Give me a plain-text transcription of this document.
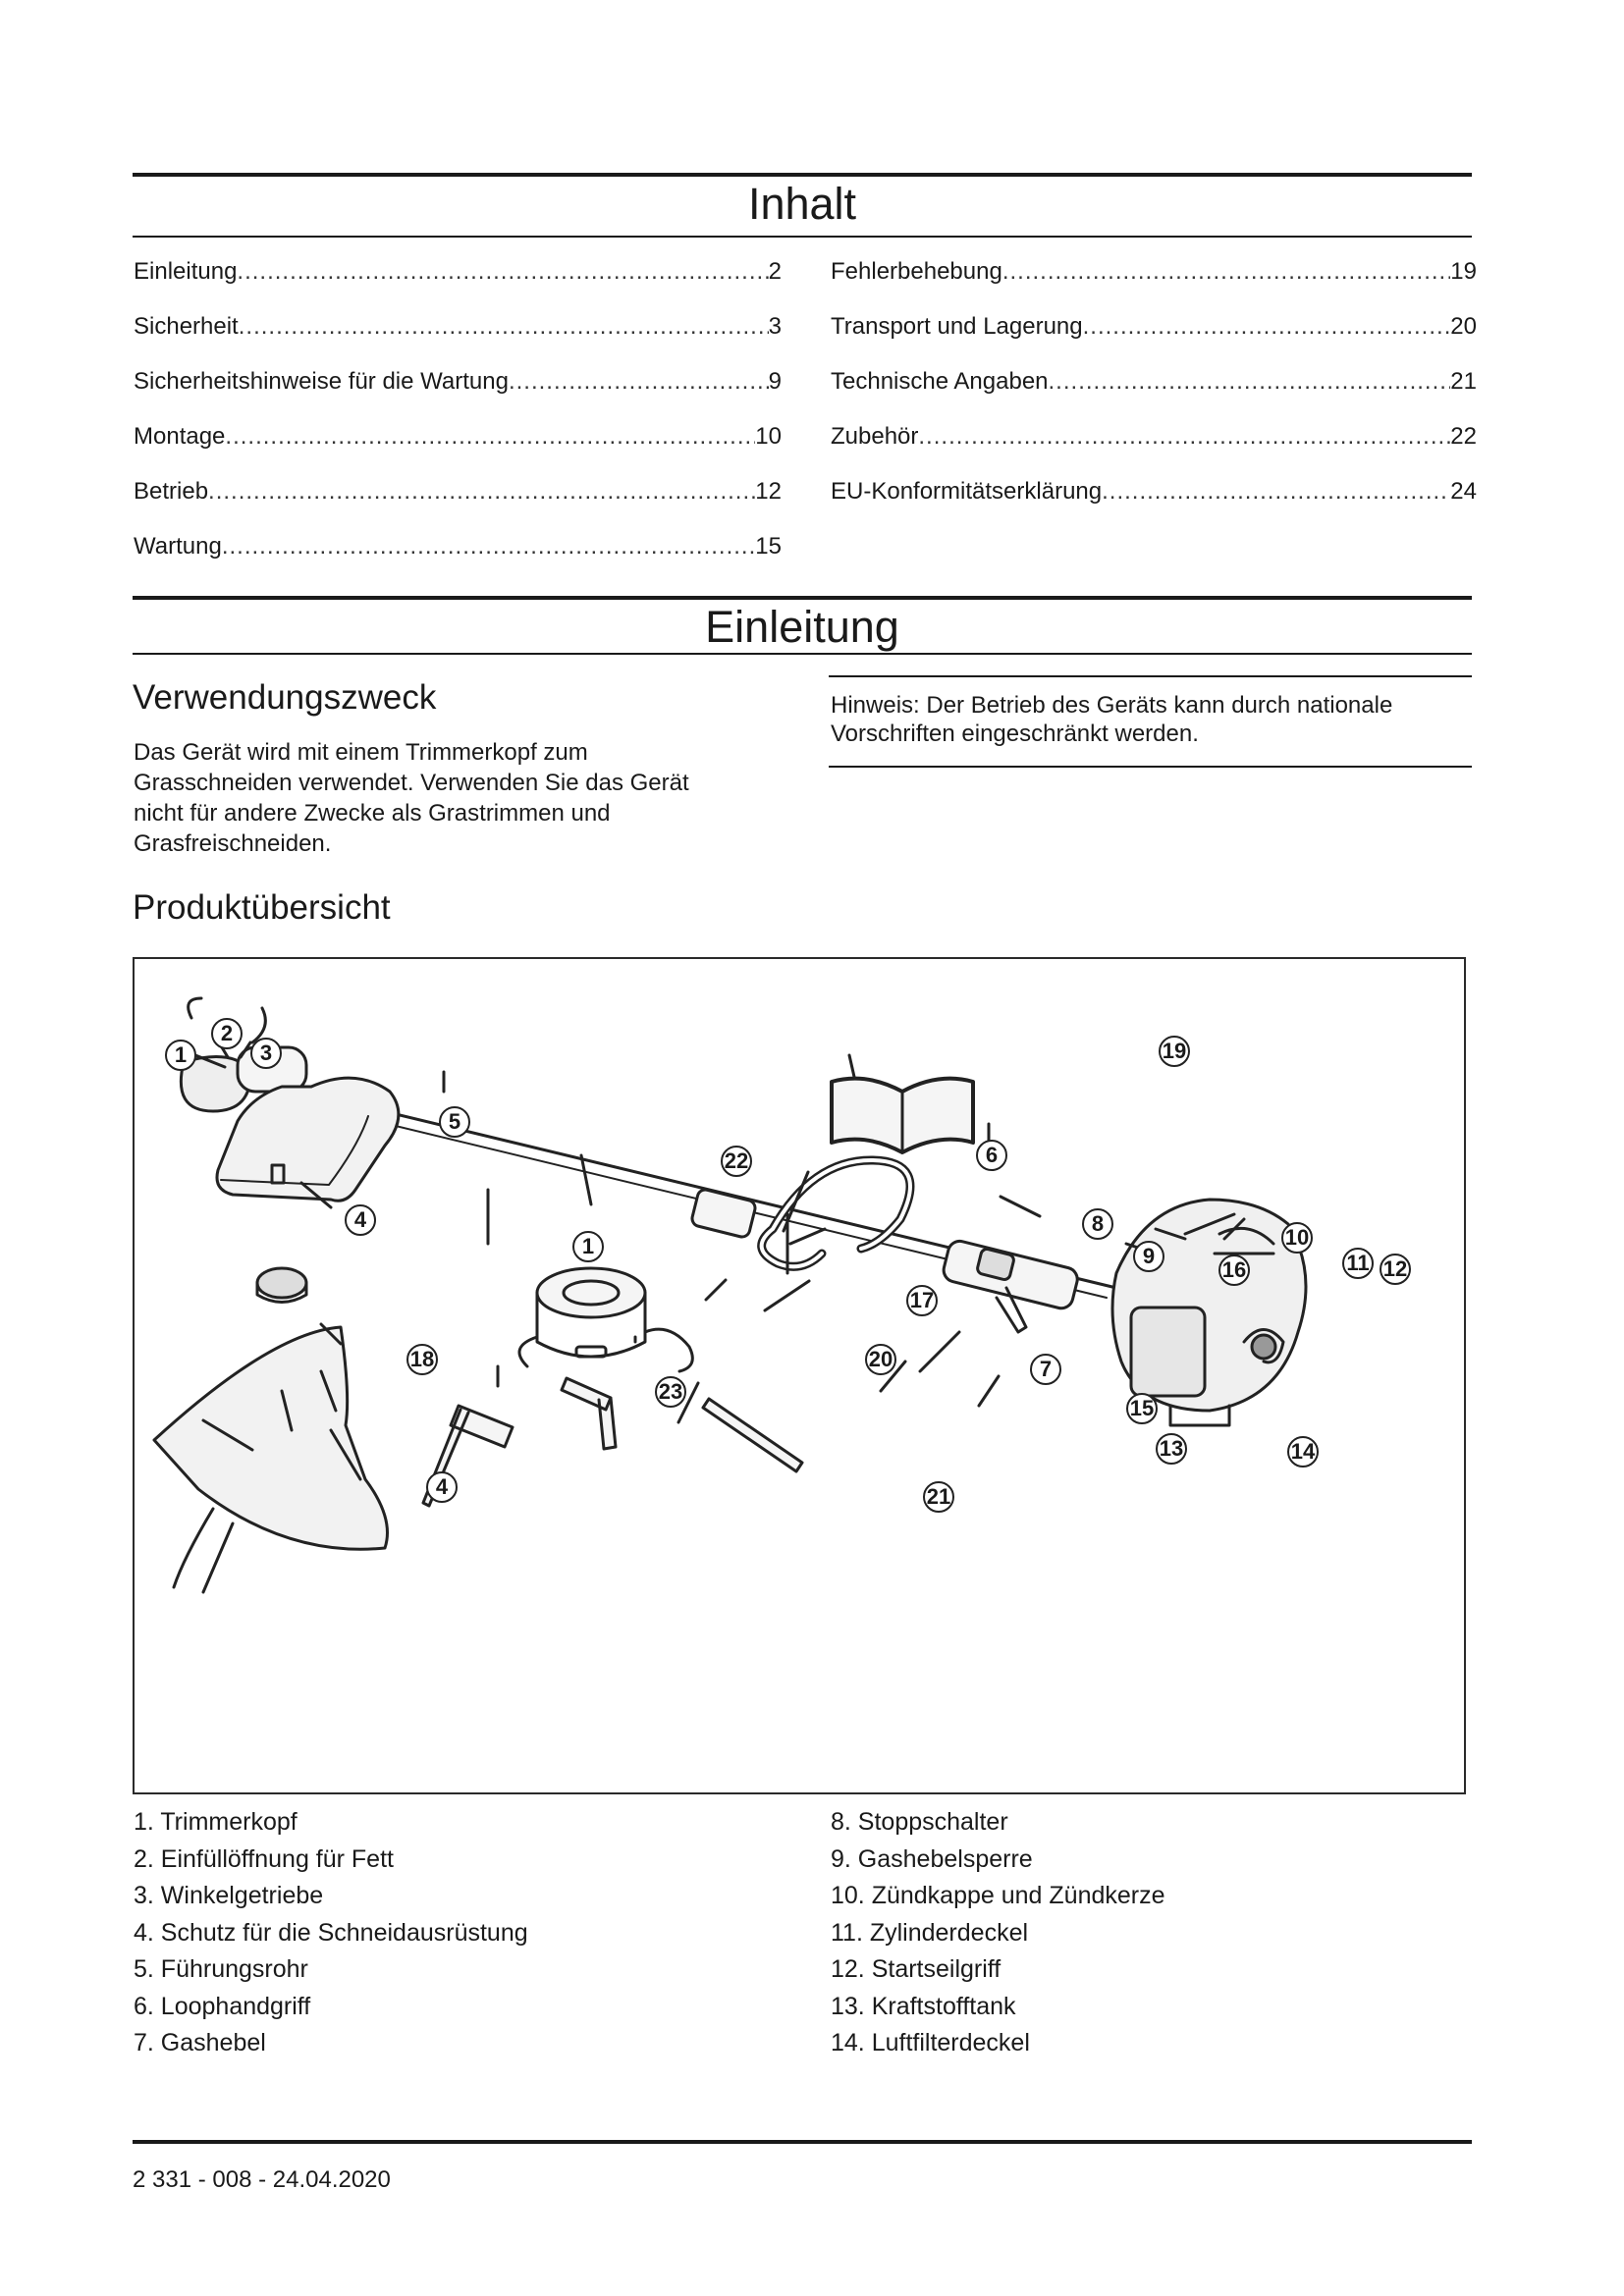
Inhalt
Einleitung .....	2
Sicherheit .....	3
Sicherheitshinweise für die Wartung .....	9
Montage .....	10
Betrieb .....	12
Wartung .....	15
Fehlerbehebung .....	19
Transport und Lagerung .....	20
Technische Angaben .....	21
Zubehör .....	22
EU-Konformitätserklärung .....	24
Einleitung
Verwendungszweck
Das Gerät wird mit einem Trimmerkopf zum
Grasschneiden verwendet. Verwenden Sie das Gerät
nicht für andere Zwecke als Grastrimmen und
Grasfreischneiden.
Hinweis: Der Betrieb des Geräts kann durch nationale
Vorschriften eingeschränkt werden.
Produktübersicht
1
2
3
4
5
6
1
22
8
9
10
11 12
16
17
7
15
13	14
18
4
19
20
21
23
1. Trimmerkopf
2. Einfüllöffnung für Fett
3. Winkelgetriebe
4. Schutz für die Schneidausrüstung
5. Führungsrohr
6. Loophandgriff
7. Gashebel
8. Stoppschalter
9. Gashebelsperre
10. Zündkappe und Zündkerze
11. Zylinderdeckel
12. Startseilgriff
13. Kraftstofftank
14. Luftfilterdeckel
2 331 - 008 - 24.04.2020
